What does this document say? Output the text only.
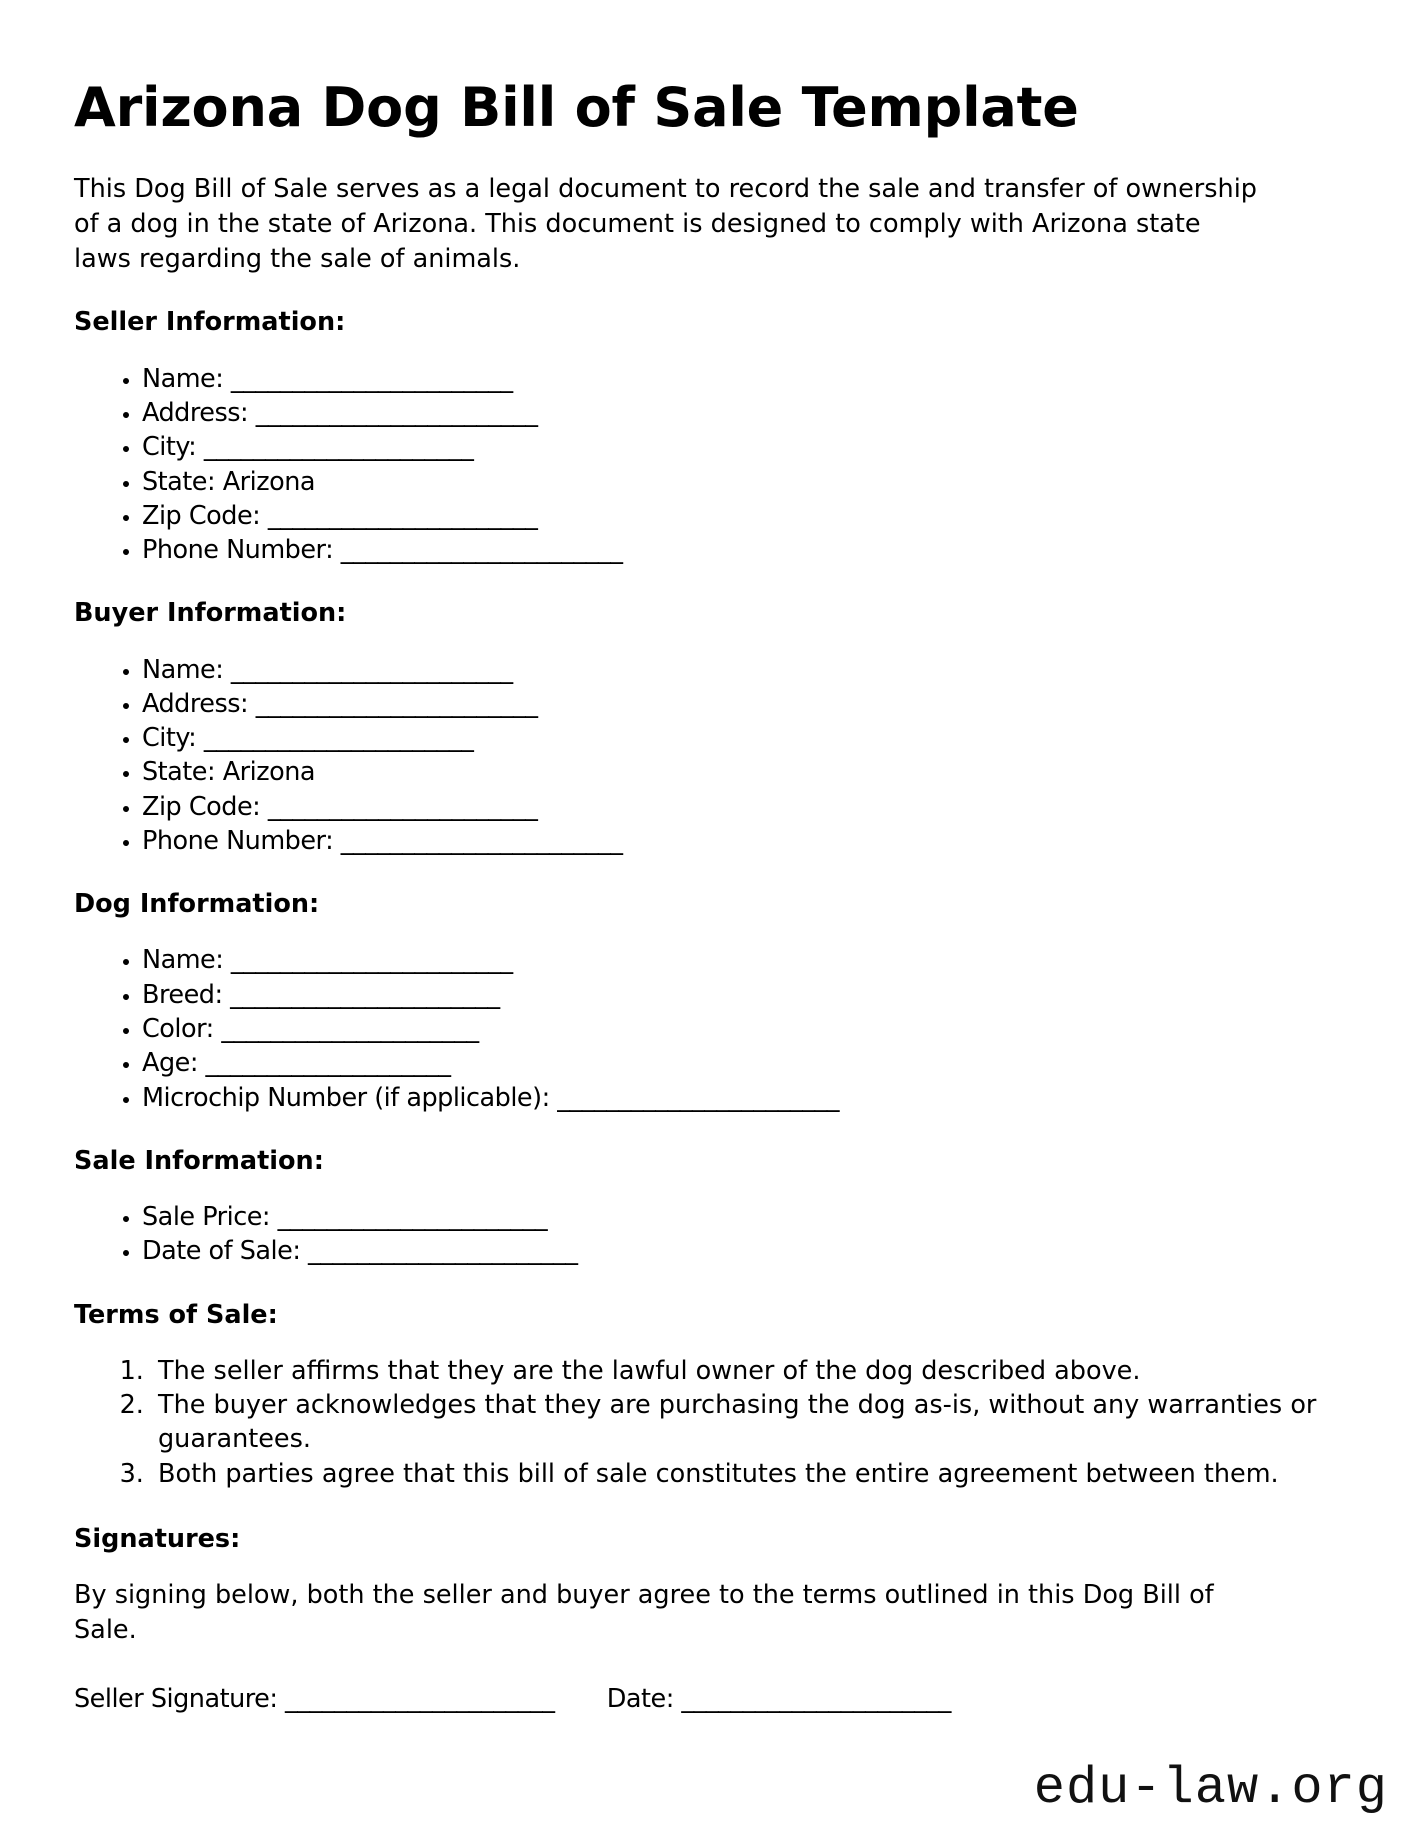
Arizona Dog Bill of Sale Template

This Dog Bill of Sale serves as a legal document to record the sale and transfer of ownership of a dog in the state of Arizona. This document is designed to comply with Arizona state laws regarding the sale of animals.

Seller Information:
• Name: _______________________
• Address: _______________________
• City: ______________________
• State: Arizona
• Zip Code: ______________________
• Phone Number: _______________________
Buyer Information:
• Name: _______________________
• Address: _______________________
• City: ______________________
• State: Arizona
• Zip Code: ______________________
• Phone Number: _______________________
Dog Information:
• Name: _______________________
• Breed: ______________________
• Color: _____________________
• Age: ____________________
• Microchip Number (if applicable): _______________________
Sale Information:
• Sale Price: ______________________
• Date of Sale: ______________________
Terms of Sale:
1. The seller affirms that they are the lawful owner of the dog described above.
2. The buyer acknowledges that they are purchasing the dog as-is, without any warranties or guarantees.
3. Both parties agree that this bill of sale constitutes the entire agreement between them.
Signatures:

By signing below, both the seller and buyer agree to the terms outlined in this Dog Bill of Sale.

Seller Signature: ______________________ Date: ______________________
edu-law.org
